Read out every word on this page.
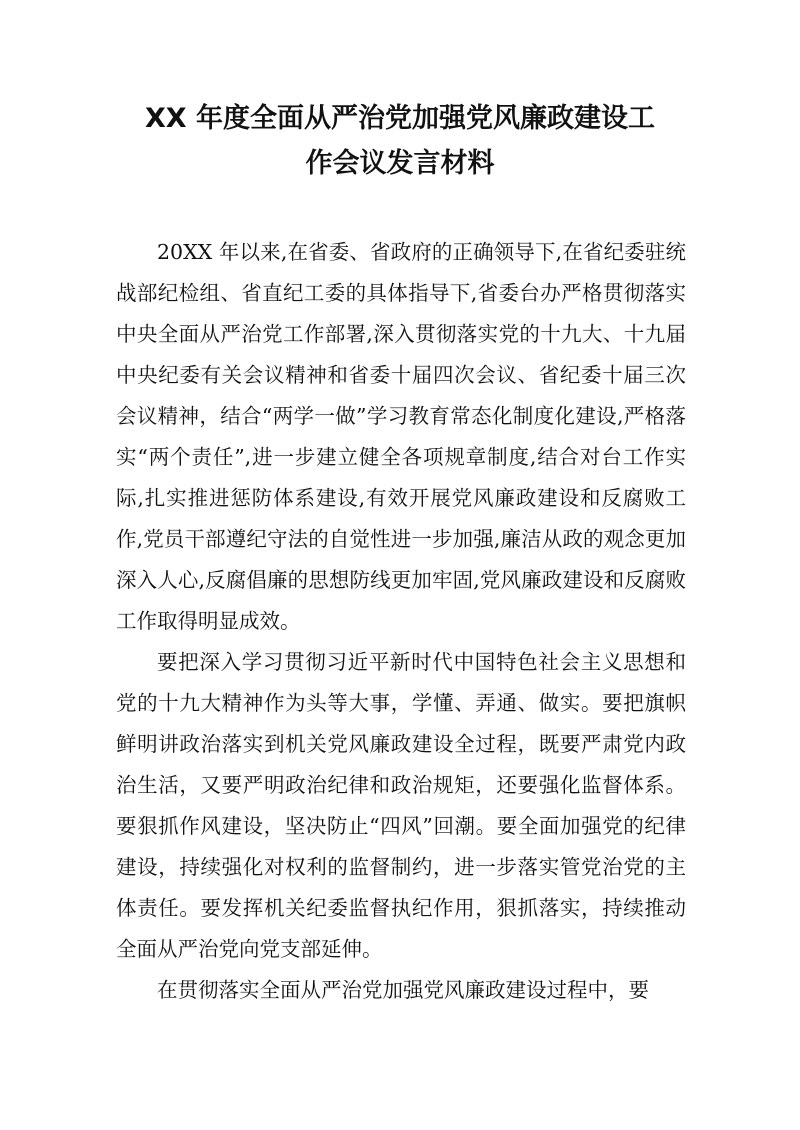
XX 年度全面从严治党加强党风廉政建设工
作会议发言材料

20XX 年以来,在省委、省政府的正确领导下,在省纪委驻统战部纪检组、省直纪工委的具体指导下,省委台办严格贯彻落实中央全面从严治党工作部署,深入贯彻落实党的十九大、十九届中央纪委有关会议精神和省委十届四次会议、省纪委十届三次会议精神，结合“两学一做”学习教育常态化制度化建设,严格落实“两个责任”,进一步建立健全各项规章制度,结合对台工作实际,扎实推进惩防体系建设,有效开展党风廉政建设和反腐败工作,党员干部遵纪守法的自觉性进一步加强,廉洁从政的观念更加深入人心,反腐倡廉的思想防线更加牢固,党风廉政建设和反腐败工作取得明显成效。

要把深入学习贯彻习近平新时代中国特色社会主义思想和党的十九大精神作为头等大事，学懂、弄通、做实。要把旗帜鲜明讲政治落实到机关党风廉政建设全过程，既要严肃党内政治生活，又要严明政治纪律和政治规矩，还要强化监督体系。要狠抓作风建设，坚决防止“四风”回潮。要全面加强党的纪律建设，持续强化对权利的监督制约，进一步落实管党治党的主体责任。要发挥机关纪委监督执纪作用，狠抓落实，持续推动全面从严治党向党支部延伸。

在贯彻落实全面从严治党加强党风廉政建设过程中，要
